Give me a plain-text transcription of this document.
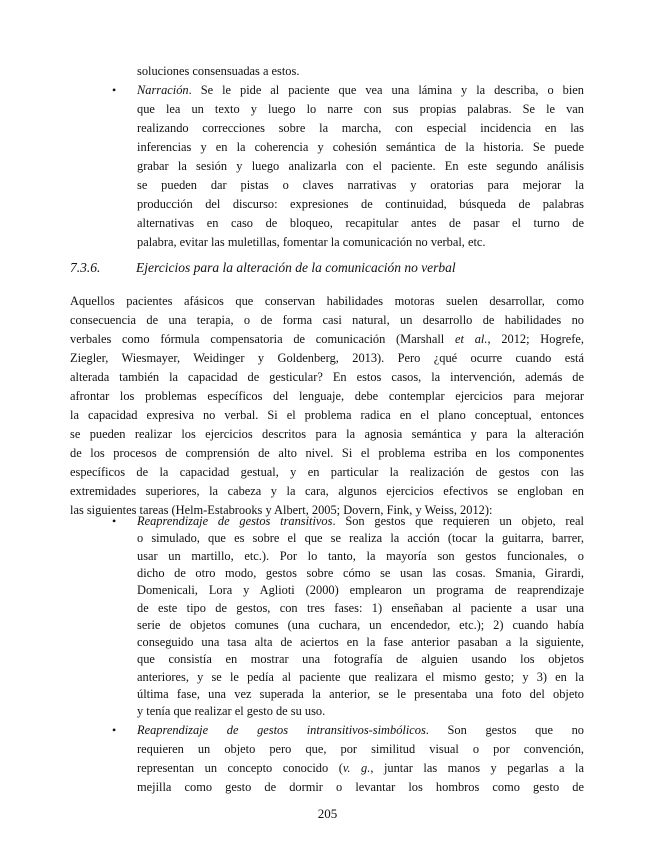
soluciones consensuadas a estos.
• Narración. Se le pide al paciente que vea una lámina y la describa, o bien
que lea un texto y luego lo narre con sus propias palabras. Se le van
realizando correcciones sobre la marcha, con especial incidencia en las
inferencias y en la coherencia y cohesión semántica de la historia. Se puede
grabar la sesión y luego analizarla con el paciente. En este segundo análisis
se pueden dar pistas o claves narrativas y oratorias para mejorar la
producción del discurso: expresiones de continuidad, búsqueda de palabras
alternativas en caso de bloqueo, recapitular antes de pasar el turno de
palabra, evitar las muletillas, fomentar la comunicación no verbal, etc.
7.3.6.	Ejercicios para la alteración de la comunicación no verbal
Aquellos pacientes afásicos que conservan habilidades motoras suelen desarrollar, como
consecuencia de una terapia, o de forma casi natural, un desarrollo de habilidades no
verbales como fórmula compensatoria de comunicación (Marshall et al., 2012; Hogrefe,
Ziegler, Wiesmayer, Weidinger y Goldenberg, 2013). Pero ¿qué ocurre cuando está
alterada también la capacidad de gesticular? En estos casos, la intervención, además de
afrontar los problemas específicos del lenguaje, debe contemplar ejercicios para mejorar
la capacidad expresiva no verbal. Si el problema radica en el plano conceptual, entonces
se pueden realizar los ejercicios descritos para la agnosia semántica y para la alteración
de los procesos de comprensión de alto nivel. Si el problema estriba en los componentes
específicos de la capacidad gestual, y en particular la realización de gestos con las
extremidades superiores, la cabeza y la cara, algunos ejercicios efectivos se engloban en
las siguientes tareas (Helm-Estabrooks y Albert, 2005; Dovern, Fink, y Weiss, 2012):
• Reaprendizaje de gestos transitivos. Son gestos que requieren un objeto, real
o simulado, que es sobre el que se realiza la acción (tocar la guitarra, barrer,
usar un martillo, etc.). Por lo tanto, la mayoría son gestos funcionales, o
dicho de otro modo, gestos sobre cómo se usan las cosas. Smania, Girardi,
Domenicali, Lora y Aglioti (2000) emplearon un programa de reaprendizaje
de este tipo de gestos, con tres fases: 1) enseñaban al paciente a usar una
serie de objetos comunes (una cuchara, un encendedor, etc.); 2) cuando había
conseguido una tasa alta de aciertos en la fase anterior pasaban a la siguiente,
que consistía en mostrar una fotografía de alguien usando los objetos
anteriores, y se le pedía al paciente que realizara el mismo gesto; y 3) en la
última fase, una vez superada la anterior, se le presentaba una foto del objeto
y tenía que realizar el gesto de su uso.
• Reaprendizaje de gestos intransitivos-simbólicos. Son gestos que no
requieren un objeto pero que, por similitud visual o por convención,
representan un concepto conocido (v. g., juntar las manos y pegarlas a la
205
mejilla como gesto de dormir o levantar los hombros como gesto de
